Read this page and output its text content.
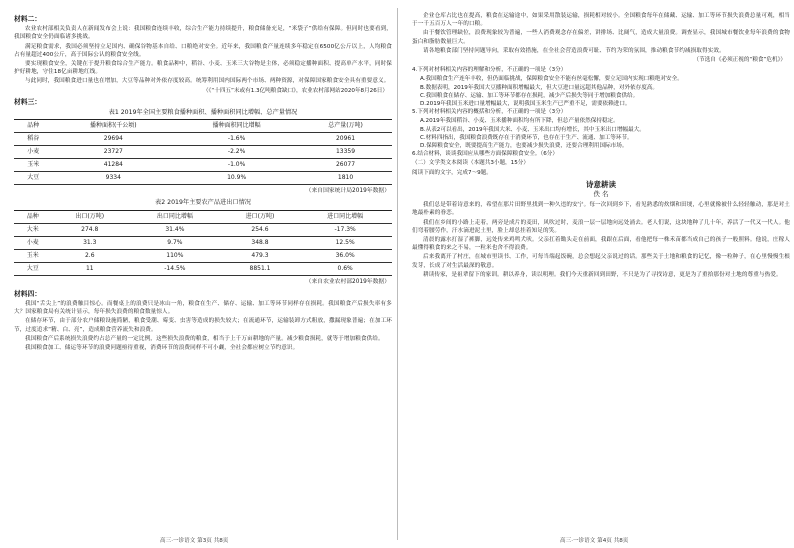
材料二：

农业农村部相关负责人在新闻发布会上说：我国粮食连续丰收，综合生产能力持续提升，粮食储备充足，“米袋子”供给有保障。但同时也要看到，我国粮食安全仍面临诸多挑战。

满足粮食需求，我国必须坚持立足国内、确保谷物基本自给、口粮绝对安全。近年来，我国粮食产量连续多年稳定在6500亿公斤以上，人均粮食占有量超过400公斤，高于国际公认的粮食安全线。

要实现粮食安全，关键在于提升粮食综合生产能力。粮食品种中，稻谷、小麦、玉米三大谷物是主体，必须稳定播种面积、提高单产水平，同时保护好耕地，守住18亿亩耕地红线。

与此同时，我国粮食进口量也在增加，大豆等品种对外依存度较高。统筹利用国内国际两个市场、两种资源，对保障国家粮食安全具有重要意义。

（《“十四五”末或有1.3亿吨粮食缺口》，农业农村部网站2020年8月26日）
材料三：
表1 2019年全国主要粮食播种面积、播种面积同比增幅、总产量情况
品种	播种面积(千公顷)	播种面积同比增幅	总产量(万吨)
稻谷	29694	-1.6%	20961
小麦	23727	-2.2%	13359
玉米	41284	-1.0%	26077
大豆	9334	10.9%	1810
（来自国家统计局2019年数据）
表2 2019年主要农产品进出口情况
品种	出口(万吨)	出口同比增幅	进口(万吨)	进口同比增幅
大米	274.8	31.4%	254.6	-17.3%
小麦	31.3	9.7%	348.8	12.5%
玉米	2.6	110%	479.3	36.0%
大豆	11	-14.5%	8851.1	0.6%
（来自农业农村部2019年数据）
材料四：

我国“舌尖上”的浪费触目惊心。而餐桌上的浪费只是冰山一角，粮食在生产、储存、运输、加工等环节同样存在损耗。我国粮食产后损失率有多大？国家粮食局有关统计显示，每年损失浪费的粮食数量惊人。

在储存环节，由于部分农户储粮设施简陋，粮食受潮、霉变、虫害等造成的损失较大；在流通环节，运输装卸方式粗放，撒漏现象普遍；在加工环节，过度追求“精、白、亮”，造成粮食营养流失和浪费。

我国粮食产后系统损失浪费约占总产量的一定比例，这些损失浪费的粮食，相当于上千万亩耕地的产量。减少粮食损耗，就等于增加粮食供给。

我国粮食加工、储运等环节的浪费问题亟待重视，消费环节的浪费同样不可小觑，全社会都应树立节约意识。

高三·一诊语文 第3页 共8页

企业仓库占比也在提高，粮食在运输途中，如果采用散装运输，损耗相对较小。全国粮食每年在储藏、运输、加工等环节损失浪费总量可观，相当于一千五百万人一年的口粮。

由于餐饮管理缺位，浪费现象较为普遍，一些人消费观念存在偏差，讲排场、比阔气，造成大量浪费。调查显示，我国城市餐饮业每年浪费的食物蛋白和脂肪数量巨大。

请各地粮食部门坚持问题导向，采取有效措施，在全社会营造浪费可耻、节约为荣的氛围，推动粮食节约减损取得实效。

（节选自《必须正视的“粮食”危机》）
4.下列对材料相关内容的理解和分析，不正确的一项是（3分）

A.我国粮食生产连年丰收，但仍面临挑战，保障粮食安全不能有丝毫松懈，要立足国内实现口粮绝对安全。

B.数据表明，2019年我国大豆播种面积增幅最大，但大豆进口量远超其他品种，对外依存度高。

C.我国粮食在储存、运输、加工等环节都存在损耗，减少产后损失等同于增加粮食供给。

D.2019年我国玉米进口量增幅最大，说明我国玉米生产已严重不足，需要依赖进口。

5.下列对材料相关内容的概括和分析，不正确的一项是（3分）

A.2019年我国稻谷、小麦、玉米播种面积均有所下降，但总产量依然保持稳定。

B.从表2可以看出，2019年我国大米、小麦、玉米出口均有增长，其中玉米出口增幅最大。

C.材料四指出，我国粮食浪费既存在于消费环节，也存在于生产、流通、加工等环节。

D.保障粮食安全，既要提高生产能力，也要减少损失浪费，还要合理利用国际市场。

6.结合材料，谈谈我国应从哪些方面保障粮食安全。（6分）
（二）文学类文本阅读（本题共3小题，15分）
阅读下面的文字，完成7～9题。
诗意耕读
佚 名

我们总是带着诗意来的，希望在那片田野里找到一种久违的安宁。每一次回到乡下，看见熟悉的炊烟和田埂，心里就像被什么轻轻触动，那是对土地最朴素的眷恋。

我们在乡间的小路上走着，两旁是成片的麦田，风吹过时，麦浪一层一层地向远处涌去。老人们说，这块地种了几十年，养活了一代又一代人。他们弯着腰劳作，汗水滴进泥土里，脸上却总挂着知足的笑。

清晨的露水打湿了裤脚，远处传来鸡鸣犬吠。父亲扛着锄头走在前面，我跟在后面，看他把每一株禾苗都当成自己的孩子一般照料。他说，庄稼人最懂得粮食的来之不易，一粒米也舍不得浪费。

后来我离开了村庄，在城市里读书、工作，可每当端起饭碗，总会想起父亲说过的话。那些关于土地和粮食的记忆，像一粒种子，在心里慢慢生根发芽，长成了对生活最深的敬意。

耕读传家，是祖辈留下的家训。耕以养身，读以明理。我们今天重新回到田野，不只是为了寻找诗意，更是为了重拾那份对土地的尊重与热爱。

高三·一诊语文 第4页 共8页
